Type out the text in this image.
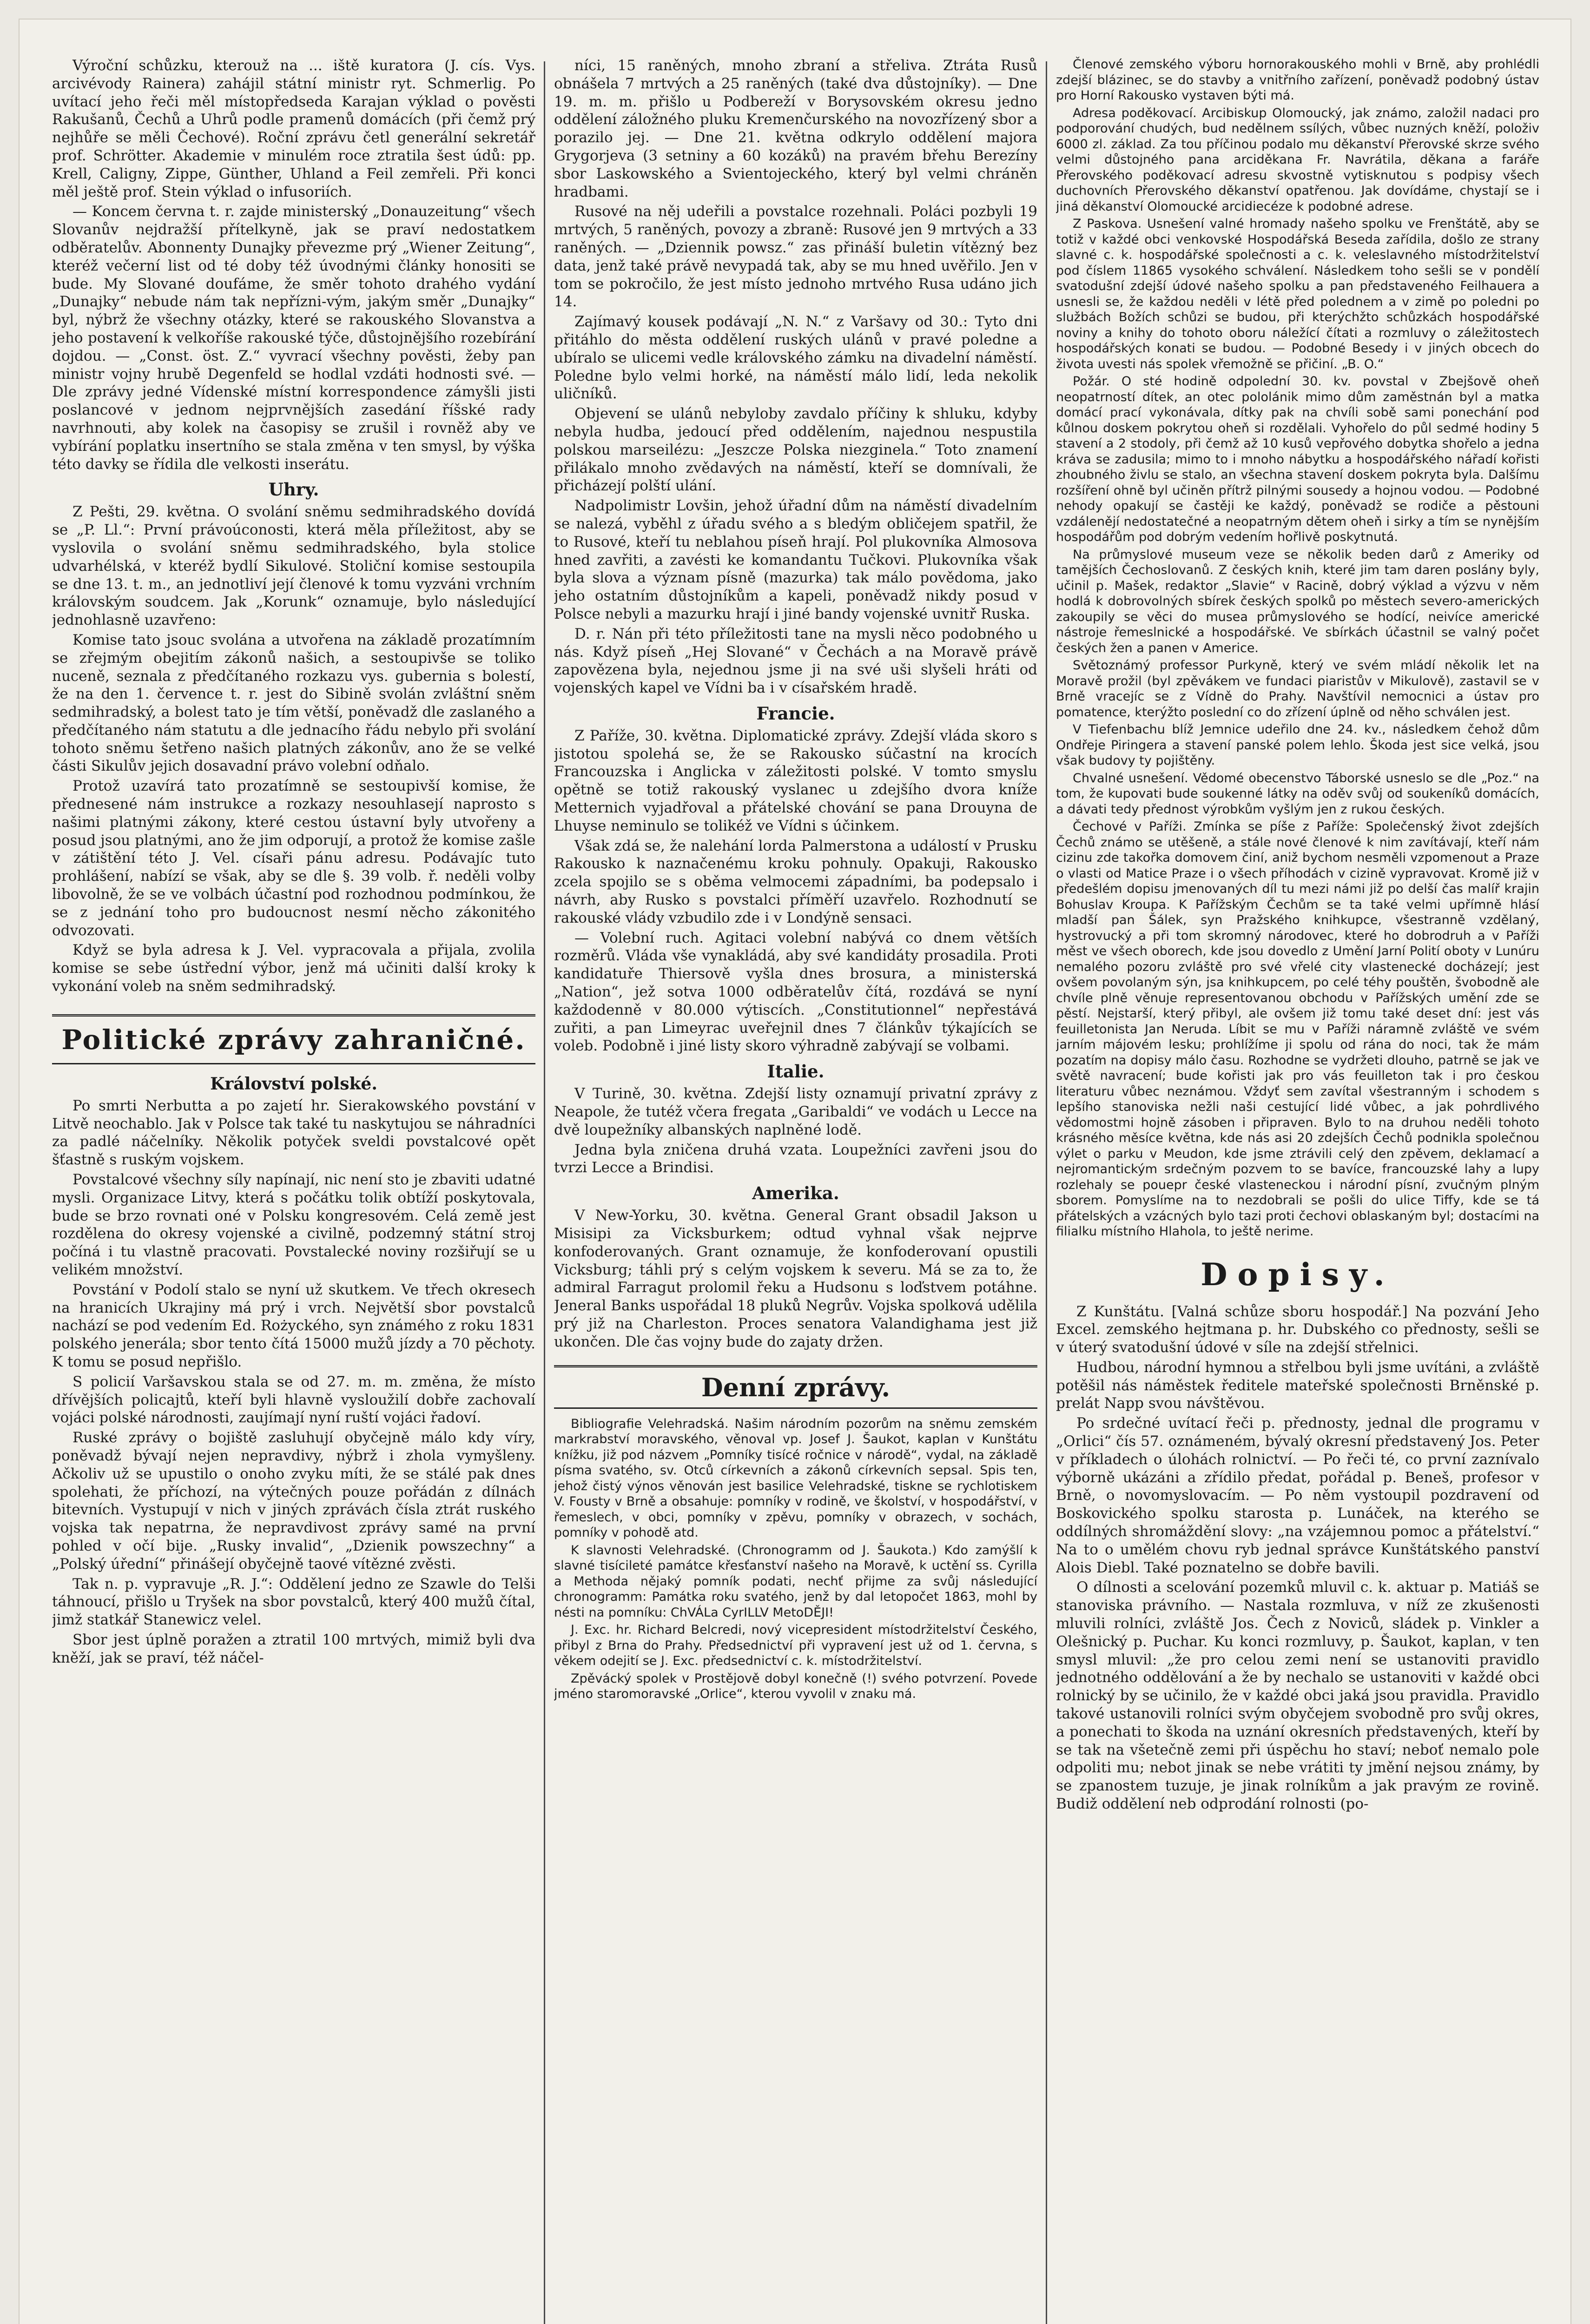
Výroční schůzku, kterouž na ... iště kuratora (J. cís. Vys. arcivévody Rainera) zahájil státní ministr ryt. Schmerlig. Po uvítací jeho řeči měl místopředseda Karajan výklad o pověsti Rakušanů, Čechů a Uhrů podle pramenů domácích (při čemž prý nejhůře se měli Čechové). Roční zprávu četl generální sekretář prof. Schrötter. Akademie v minulém roce ztratila šest údů: pp. Krell, Caligny, Zippe, Günther, Uhland a Feil zemřeli. Při konci měl ještě prof. Stein výklad o infusoriích.

— Koncem června t. r. zajde ministerský „Donauzeitung“ všech Slovanův nejdražší přítelkyně, jak se praví nedostatkem odběratelův. Abonnenty Dunajky převezme prý „Wiener Zeitung“, kteréž večerní list od té doby též úvodnými články honositi se bude. My Slované doufáme, že směr tohoto drahého vydání „Dunajky“ nebude nám tak nepřízni-vým, jakým směr „Dunajky“ byl, nýbrž že všechny otázky, které se rakouského Slovanstva a jeho postavení k velkoříše rakouské týče, důstojnějšího rozebírání dojdou. — „Const. öst. Z.“ vyvrací všechny pověsti, žeby pan ministr vojny hrubě Degenfeld se hodlal vzdáti hodnosti své. — Dle zprávy jedné Vídenské místní korrespondence zámyšli jisti poslancové v jednom nejprvnějších zasedání říšské rady navrhnouti, aby kolek na časopisy se zrušil i rovněž aby ve vybírání poplatku insertního se stala změna v ten smysl, by výška této davky se řídila dle velkosti inserátu.

Uhry.

Z Pešti, 29. května. O svolání sněmu sedmihradského dovídá se „P. Ll.“: První právoúconosti, která měla příležitost, aby se vyslovila o svolání sněmu sedmihradského, byla stolice udvarhélská, v kteréž bydlí Sikulové. Stoliční komise sestoupila se dne 13. t. m., an jednotliví její členové k tomu vyzváni vrchním královským soudcem. Jak „Korunk“ oznamuje, bylo následující jednohlasně uzavřeno:

Komise tato jsouc svolána a utvořena na základě prozatímním se zřejmým obejitím zákonů našich, a sestoupivše se toliko nuceně, seznala z předčítaného rozkazu vys. gubernia s bolestí, že na den 1. července t. r. jest do Sibině svolán zvláštní sněm sedmihradský, a bolest tato je tím větší, poněvadž dle zaslaného a předčítaného nám statutu a dle jednacího řádu nebylo při svolání tohoto sněmu šetřeno našich platných zákonův, ano že se velké části Sikulův jejich dosavadní právo volební odňalo.

Protož uzavírá tato prozatímně se sestoupivší komise, že přednesené nám instrukce a rozkazy nesouhlasejí naprosto s našimi platnými zákony, které cestou ústavní byly utvořeny a posud jsou platnými, ano že jim odporují, a protož že komise zašle v zátištění této J. Vel. císaři pánu adresu. Podávajíc tuto prohlášení, nabízí se však, aby se dle §. 39 volb. ř. neděli volby libovolně, že se ve volbách účastní pod rozhodnou podmínkou, že se z jednání toho pro budoucnost nesmí něcho zákonitého odvozovati.

Když se byla adresa k J. Vel. vypracovala a přijala, zvolila komise se sebe ústřední výbor, jenž má učiniti další kroky k vykonání voleb na sněm sedmihradský.

Politické zprávy zahraničné.
Království polské.

Po smrti Nerbutta a po zajetí hr. Sierakowského povstání v Litvě neochablo. Jak v Polsce tak také tu naskytujou se náhradníci za padlé náčelníky. Několik potyček sveldi povstalcové opět šťastně s ruským vojskem.

Povstalcové všechny síly napínají, nic není sto je zbaviti udatné mysli. Organizace Litvy, která s počátku tolik obtíží poskytovala, bude se brzo rovnati oné v Polsku kongresovém. Celá země jest rozdělena do okresy vojenské a civilně, podzemný státní stroj počíná i tu vlastně pracovati. Povstalecké noviny rozšiřují se u velikém množství.

Povstání v Podolí stalo se nyní už skutkem. Ve třech okresech na hranicích Ukrajiny má prý i vrch. Největší sbor povstalců nachází se pod vedením Ed. Rożyckého, syn známého z roku 1831 polského jenerála; sbor tento čítá 15000 mužů jízdy a 70 pěchoty. K tomu se posud nepřišlo.

S policií Varšavskou stala se od 27. m. m. změna, že místo dřívějších policajtů, kteří byli hlavně vysloužilí dobře zachovalí vojáci polské národnosti, zaujímají nyní ruští vojáci řadoví.

Ruské zprávy o bojiště zasluhují obyčejně málo kdy víry, poněvadž bývají nejen nepravdivy, nýbrž i zhola vymyšleny. Ačkoliv už se upustilo o onoho zvyku míti, že se stálé pak dnes spolehati, že příchozí, na výtečných pouze pořádán z dílnách bitevních. Vystupují v nich v jiných zprávách čísla ztrát ruského vojska tak nepatrna, že nepravdivost zprávy samé na první pohled v očí bije. „Rusky invalid“, „Dzienik powszechny“ a „Polský úřední“ přinášejí obyčejně taové vítězné zvěsti.

Tak n. p. vypravuje „R. J.“: Oddělení jedno ze Szawle do Telši táhnoucí, přišlo u Tryšek na sbor povstalců, který 400 mužů čítal, jimž statkář Stanewicz velel.

Sbor jest úplně poražen a ztratil 100 mrtvých, mimiž byli dva kněží, jak se praví, též náčel-

níci, 15 raněných, mnoho zbraní a střeliva. Ztráta Rusů obnášela 7 mrtvých a 25 raněných (také dva důstojníky). — Dne 19. m. m. přišlo u Podbereží v Borysovském okresu jedno oddělení záložného pluku Kremenčurského na novozřízený sbor a porazilo jej. — Dne 21. května odkrylo oddělení majora Grygorjeva (3 setniny a 60 kozáků) na pravém břehu Berezíny sbor Laskowského a Svientojeckého, který byl velmi chráněn hradbami.

Rusové na něj udeřili a povstalce rozehnali. Poláci pozbyli 19 mrtvých, 5 raněných, povozy a zbraně: Rusové jen 9 mrtvých a 33 raněných. — „Dziennik powsz.“ zas přináší buletin vítězný bez data, jenž také právě nevypadá tak, aby se mu hned uvěřilo. Jen v tom se pokročilo, že jest místo jednoho mrtvého Rusa udáno jich 14.

Zajímavý kousek podávají „N. N.“ z Varšavy od 30.: Tyto dni přitáhlo do města oddělení ruských ulánů v pravé poledne a ubíralo se ulicemi vedle královského zámku na divadelní náměstí. Poledne bylo velmi horké, na náměstí málo lidí, leda nekolik uličníků.

Objevení se ulánů nebyloby zavdalo příčiny k shluku, kdyby nebyla hudba, jedoucí před oddělením, najednou nespustila polskou marseilézu: „Jeszcze Polska niezginela.“ Toto znamení přilákalo mnoho zvědavých na náměstí, kteří se domnívali, že přicházejí polští ulání.

Nadpolimistr Lovšin, jehož úřadní dům na náměstí divadelním se nalezá, vyběhl z úřadu svého a s bledým obličejem spatřil, že to Rusové, kteří tu neblahou píseň hrají. Pol plukovníka Almosova hned zavřiti, a zavésti ke komandantu Tučkovi. Plukovníka však byla slova a význam písně (mazurka) tak málo povědoma, jako jeho ostatním důstojníkům a kapeli, poněvadž nikdy posud v Polsce nebyli a mazurku hrají i jiné bandy vojenské uvnitř Ruska.

D. r. Nán při této příležitosti tane na mysli něco podobného u nás. Když píseň „Hej Slované“ v Čechách a na Moravě právě zapovězena byla, nejednou jsme ji na své uši slyšeli hráti od vojenských kapel ve Vídni ba i v císařském hradě.

Francie.

Z Paříže, 30. května. Diplomatické zprávy. Zdejší vláda skoro s jistotou spolehá se, že se Rakousko súčastní na krocích Francouzska i Anglicka v záležitosti polské. V tomto smyslu opětně se totiž rakouský vyslanec u zdejšího dvora kníže Metternich vyjadřoval a přátelské chování se pana Drouyna de Lhuyse neminulo se tolikéž ve Vídni s účinkem.

Však zdá se, že nalehání lorda Palmerstona a událostí v Prusku Rakousko k naznačenému kroku pohnuly. Opakuji, Rakousko zcela spojilo se s oběma velmocemi západními, ba podepsalo i návrh, aby Rusko s povstalci příměří uzavřelo. Rozhodnutí se rakouské vlády vzbudilo zde i v Londýně sensaci.

— Volební ruch. Agitaci volební nabývá co dnem větších rozměrů. Vláda vše vynakládá, aby své kandidáty prosadila. Proti kandidatuře Thiersově vyšla dnes brosura, a ministerská „Nation“, jež sotva 1000 odběratelův čítá, rozdává se nyní každodenně v 80.000 výtiscích. „Constitutionnel“ nepřestává zuřiti, a pan Limeyrac uveřejnil dnes 7 článkův týkajících se voleb. Podobně i jiné listy skoro výhradně zabývají se volbami.

Italie.

V Turině, 30. května. Zdejší listy oznamují privatní zprávy z Neapole, že tutéž včera fregata „Garibaldi“ ve vodách u Lecce na dvě loupežníky albanských naplněné lodě.

Jedna byla zničena druhá vzata. Loupežníci zavřeni jsou do tvrzi Lecce a Brindisi.

Amerika.

V New-Yorku, 30. května. General Grant obsadil Jakson u Misisipi za Vicksburkem; odtud vyhnal však nejprve konfoderovaných. Grant oznamuje, že konfoderovaní opustili Vicksburg; táhli prý s celým vojskem k severu. Má se za to, že admiral Farragut prolomil řeku a Hudsonu s loďstvem potáhne. Jeneral Banks uspořádal 18 pluků Negrův. Vojska spolková udělila prý již na Charleston. Proces senatora Valandighama jest již ukončen. Dle čas vojny bude do zajaty držen.

Denní zprávy.

Bibliografie Velehradská. Našim národním pozorům na sněmu zemském markrabství moravského, věnoval vp. Josef J. Šaukot, kaplan v Kunštátu knížku, již pod názvem „Pomníky tisícé ročnice v národě“, vydal, na základě písma svatého, sv. Otců církevních a zákonů církevních sepsal. Spis ten, jehož čistý výnos věnován jest basilice Velehradské, tiskne se rychlotiskem V. Fousty v Brně a obsahuje: pomníky v rodině, ve školství, v hospodářství, v řemeslech, v obci, pomníky v zpěvu, pomníky v obrazech, v sochách, pomníky v pohodě atd.

K slavnosti Velehradské. (Chronogramm od J. Šaukota.) Kdo zamýšlí k slavné tisícileté památce křesťanství našeho na Moravě, k uctění ss. Cyrilla a Methoda nějaký pomník podati, nechť přijme za svůj následující chronogramm: Památka roku svatého, jenž by dal letopočet 1863, mohl by nésti na pomníku: ChVÁLa CyrILLV MetoDĚJI!

J. Exc. hr. Richard Belcredi, nový vicepresident místodržitelství Českého, přibyl z Brna do Prahy. Předsednictví při vypravení jest už od 1. června, s věkem odejití se J. Exc. předsednictví c. k. místodržitelství.

Zpěvácký spolek v Prostějově dobyl konečně (!) svého potvrzení. Povede jméno staromoravské „Orlice“, kterou vyvolil v znaku má.

Členové zemského výboru hornorakouského mohli v Brně, aby prohlédli zdejší blázinec, se do stavby a vnitřního zařízení, poněvadž podobný ústav pro Horní Rakousko vystaven býti má.

Adresa poděkovací. Arcibiskup Olomoucký, jak známo, založil nadaci pro podporování chudých, bud nedělnem ssílých, vůbec nuzných kněží, položiv 6000 zl. základ. Za tou příčinou podalo mu děkanství Přerovské skrze svého velmi důstojného pana arciděkana Fr. Navrátila, děkana a faráře Přerovského poděkovací adresu skvostně vytisknutou s podpisy všech duchovních Přerovského děkanství opatřenou. Jak dovídáme, chystají se i jiná děkanství Olomoucké arcidiecéze k podobné adrese.

Z Paskova. Usnešení valné hromady našeho spolku ve Frenštátě, aby se totiž v každé obci venkovské Hospodářská Beseda zařídila, došlo ze strany slavné c. k. hospodářské společnosti a c. k. veleslavného místodržitelství pod číslem 11865 vysokého schválení. Následkem toho sešli se v pondělí svatodušní zdejší údové našeho spolku a pan představeného Feilhauera a usnesli se, že každou neděli v létě před polednem a v zimě po poledni po službách Božích schůzi se budou, při kterýchžto schůzkách hospodářské noviny a knihy do tohoto oboru náležící čítati a rozmluvy o záležitostech hospodářských konati se budou. — Podobné Besedy i v jiných obcech do života uvesti nás spolek vřemožně se přičiní. „B. O.“

Požár. O sté hodině odpolední 30. kv. povstal v Zbejšově oheň neopatrností dítek, an otec pololánik mimo dům zaměstnán byl a matka domácí prací vykonávala, dítky pak na chvíli sobě sami ponechání pod kůlnou doskem pokrytou oheň si rozdělali. Vyhořelo do půl sedmé hodiny 5 stavení a 2 stodoly, při čemž až 10 kusů vepřového dobytka shořelo a jedna kráva se zadusila; mimo to i mnoho nábytku a hospodářského nářadí kořisti zhoubného živlu se stalo, an všechna stavení doskem pokryta byla. Dalšímu rozšíření ohně byl učiněn přítrž pilnými sousedy a hojnou vodou. — Podobné nehody opakují se častěji ke každý, poněvadž se rodiče a pěstouni vzdálenějí nedostatečné a neopatrným dětem oheň i sirky a tím se nynějším hospodářům pod dobrým vedením hořlivě poskytnutá.

Na průmyslové museum veze se několik beden darů z Ameriky od tamějších Čechoslovanů. Z českých knih, které jim tam daren poslány byly, učinil p. Mašek, redaktor „Slavie“ v Racině, dobrý výklad a výzvu v něm hodlá k dobrovolných sbírek českých spolků po městech severo-amerických zakoupily se věci do musea průmyslového se hodící, neivíce americké nástroje řemeslnické a hospodářské. Ve sbírkách účastnil se valný počet českých žen a panen v Americe.

Světoznámý professor Purkyně, který ve svém mládí několik let na Moravě prožil (byl zpěvákem ve fundaci piaristův v Mikulově), zastavil se v Brně vracejíc se z Vídně do Prahy. Navštívil nemocnici a ústav pro pomatence, kterýžto poslední co do zřízení úplně od něho schválen jest.

V Tiefenbachu blíž Jemnice udeřilo dne 24. kv., následkem čehož dům Ondřeje Piringera a stavení panské polem lehlo. Škoda jest sice velká, jsou však budovy ty pojištěny.

Chvalné usnešení. Vědomé obecenstvo Táborské usneslo se dle „Poz.“ na tom, že kupovati bude soukenné látky na oděv svůj od soukeníků domácích, a dávati tedy přednost výrobkům vyšlým jen z rukou českých.

Čechové v Paříži. Zmínka se píše z Paříže: Společenský život zdejších Čechů známo se utěšeně, a stále nové členové k nim zavítávají, kteří nám cizinu zde takořka domovem činí, aniž bychom nesměli vzpomenout a Praze o vlasti od Matice Praze i o všech příhodách v cizině vypravovat. Kromě již v předešlém dopisu jmenovaných díl tu mezi námi již po delší čas malíř krajin Bohuslav Kroupa. K Pařížským Čechům se ta také velmi upřímně hlásí mladší pan Šálek, syn Pražského knihkupce, všestranně vzdělaný, hystrovucký a při tom skromný národovec, které ho dobrodruh a v Paříži měst ve všech oborech, kde jsou dovedlo z Umění Jarní Polití oboty v Lunúru nemalého pozoru zvláště pro své vřelé city vlastenecké docházejí; jest ovšem povolaným sýn, jsa knihkupcem, po celé téhy pouštěn, švobodně ale chvíle plně věnuje representovanou obchodu v Pařížských umění zde se pěstí. Nejstarší, který přibyl, ale ovšem již tomu také deset dní: jest vás feuilletonista Jan Neruda. Líbit se mu v Paříži náramně zvláště ve svém jarním májovém lesku; prohlížíme ji spolu od rána do noci, tak že mám pozatím na dopisy málo času. Rozhodne se vydržeti dlouho, patrně se jak ve světě navracení; bude kořisti jak pro vás feuilleton tak i pro českou literaturu vůbec neznámou. Vždyť sem zavítal všestranným i schodem s lepšího stanoviska nežli naši cestující lidé vůbec, a jak pohrdlivého vědomostmi hojně zásoben i připraven. Bylo to na druhou neděli tohoto krásného měsíce května, kde nás asi 20 zdejších Čechů podnikla společnou výlet o parku v Meudon, kde jsme ztrávili celý den zpěvem, deklamací a nejromantickým srdečným pozvem to se bavíce, francouzské lahy a lupy rozlehaly se pouepr české vlasteneckou i národní písní, zvučným plným sborem. Pomyslíme na to nezdobrali se pošli do ulice Tiffy, kde se tá přátelských a vzácných bylo tazi proti čechovi oblaskaným byl; dostacími na filialku místního Hlahola, to ještě nerime.

Dopisy.

Z Kunštátu. [Valná schůze sboru hospodář.] Na pozvání Jeho Excel. zemského hejtmana p. hr. Dubského co přednosty, sešli se v úterý svatodušní údové v síle na zdejší střelnici.

Hudbou, národní hymnou a střelbou byli jsme uvítáni, a zvláště potěšil nás náměstek ředitele mateřské společnosti Brněnské p. prelát Napp svou návštěvou.

Po srdečné uvítací řeči p. přednosty, jednal dle programu v „Orlici“ čís 57. oznámeném, bývalý okresní představený Jos. Peter v příkladech o úlohách rolnictví. — Po řeči té, co první zaznívalo výborně ukázáni a zřídilo předat, pořádal p. Beneš, profesor v Brně, o novomyslovacím. — Po něm vystoupil pozdravení od Boskovického spolku starosta p. Lunáček, na kterého se oddílných shromáždění slovy: „na vzájemnou pomoc a přátelství.“ Na to o umělém chovu ryb jednal správce Kunštátského panství Alois Diebl. Také poznatelno se dobře bavili.

O dílnosti a scelování pozemků mluvil c. k. aktuar p. Matiáš se stanoviska právního. — Nastala rozmluva, v níž ze zkušenosti mluvili rolníci, zvláště Jos. Čech z Noviců, sládek p. Vinkler a Olešnický p. Puchar. Ku konci rozmluvy, p. Šaukot, kaplan, v ten smysl mluvil: „že pro celou zemi není se ustanoviti pravidlo jednotného oddělování a že by nechalo se ustanoviti v každé obci rolnický by se učinilo, že v každé obci jaká jsou pravidla. Pravidlo takové ustanovili rolníci svým obyčejem svobodně pro svůj okres, a ponechati to škoda na uznání okresních představených, kteří by se tak na všetečně zemi při úspěchu ho staví; neboť nemalo pole odpoliti mu; nebot jinak se nebe vrátiti ty jmění nejsou známy, by se zpanostem tuzuje, je jinak rolníkům a jak pravým ze rovině. Budiž oddělení neb odprodání rolnosti (po-
